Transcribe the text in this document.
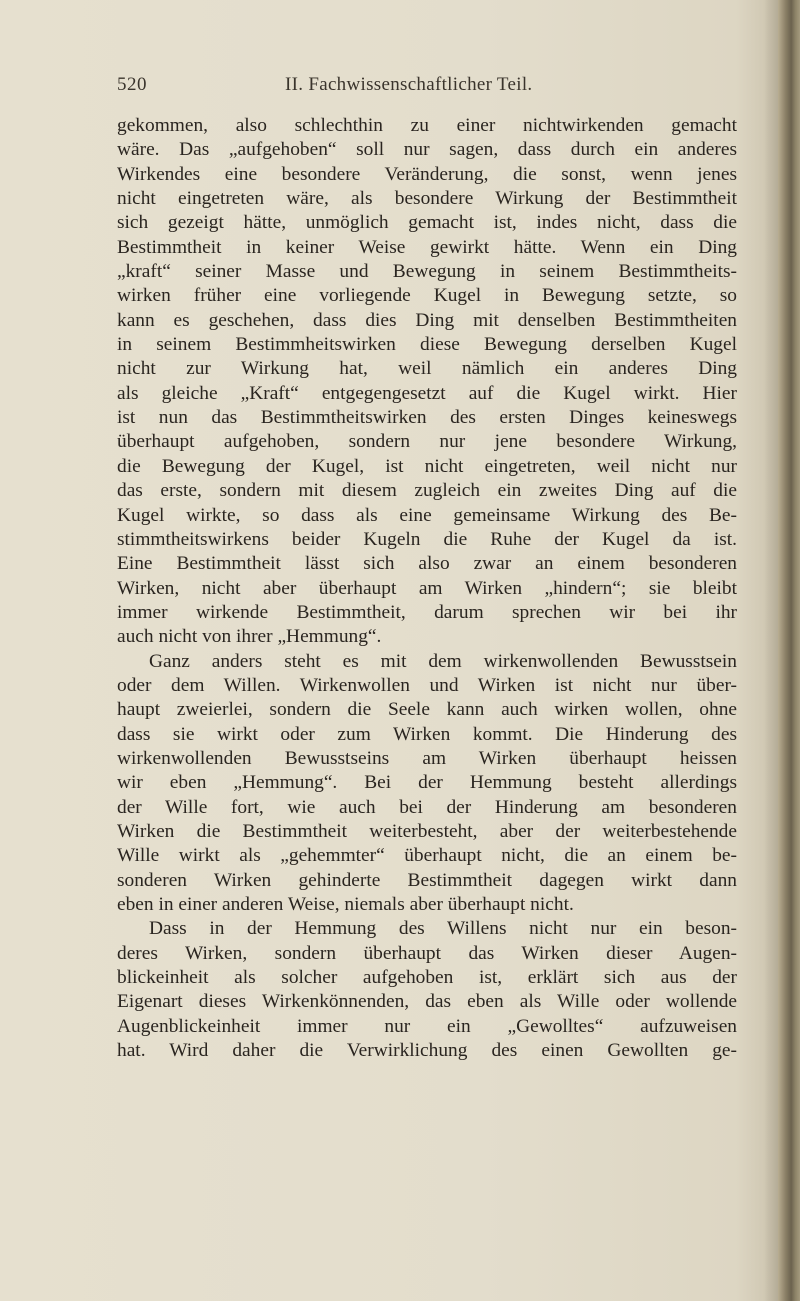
520	II. Fachwissenschaftlicher Teil.
gekommen, also schlechthin zu einer nichtwirkenden gemacht
wäre. Das „aufgehoben“ soll nur sagen, dass durch ein anderes
Wirkendes eine besondere Veränderung, die sonst, wenn jenes
nicht eingetreten wäre, als besondere Wirkung der Bestimmtheit
sich gezeigt hätte, unmöglich gemacht ist, indes nicht, dass die
Bestimmtheit in keiner Weise gewirkt hätte. Wenn ein Ding
„kraft“ seiner Masse und Bewegung in seinem Bestimmtheits-
wirken früher eine vorliegende Kugel in Bewegung setzte, so
kann es geschehen, dass dies Ding mit denselben Bestimmtheiten
in seinem Bestimmheitswirken diese Bewegung derselben Kugel
nicht zur Wirkung hat, weil nämlich ein anderes Ding
als gleiche „Kraft“ entgegengesetzt auf die Kugel wirkt. Hier
ist nun das Bestimmtheitswirken des ersten Dinges keineswegs
überhaupt aufgehoben, sondern nur jene besondere Wirkung,
die Bewegung der Kugel, ist nicht eingetreten, weil nicht nur
das erste, sondern mit diesem zugleich ein zweites Ding auf die
Kugel wirkte, so dass als eine gemeinsame Wirkung des Be-
stimmtheitswirkens beider Kugeln die Ruhe der Kugel da ist.
Eine Bestimmtheit lässt sich also zwar an einem besonderen
Wirken, nicht aber überhaupt am Wirken „hindern“; sie bleibt
immer wirkende Bestimmtheit, darum sprechen wir bei ihr
auch nicht von ihrer „Hemmung“.
Ganz anders steht es mit dem wirkenwollenden Bewusstsein
oder dem Willen. Wirkenwollen und Wirken ist nicht nur über-
haupt zweierlei, sondern die Seele kann auch wirken wollen, ohne
dass sie wirkt oder zum Wirken kommt. Die Hinderung des
wirkenwollenden Bewusstseins am Wirken überhaupt heissen
wir eben „Hemmung“. Bei der Hemmung besteht allerdings
der Wille fort, wie auch bei der Hinderung am besonderen
Wirken die Bestimmtheit weiterbesteht, aber der weiterbestehende
Wille wirkt als „gehemmter“ überhaupt nicht, die an einem be-
sonderen Wirken gehinderte Bestimmtheit dagegen wirkt dann
eben in einer anderen Weise, niemals aber überhaupt nicht.
Dass in der Hemmung des Willens nicht nur ein beson-
deres Wirken, sondern überhaupt das Wirken dieser Augen-
blickeinheit als solcher aufgehoben ist, erklärt sich aus der
Eigenart dieses Wirkenkönnenden, das eben als Wille oder wollende
Augenblickeinheit immer nur ein „Gewolltes“ aufzuweisen
hat. Wird daher die Verwirklichung des einen Gewollten ge-
